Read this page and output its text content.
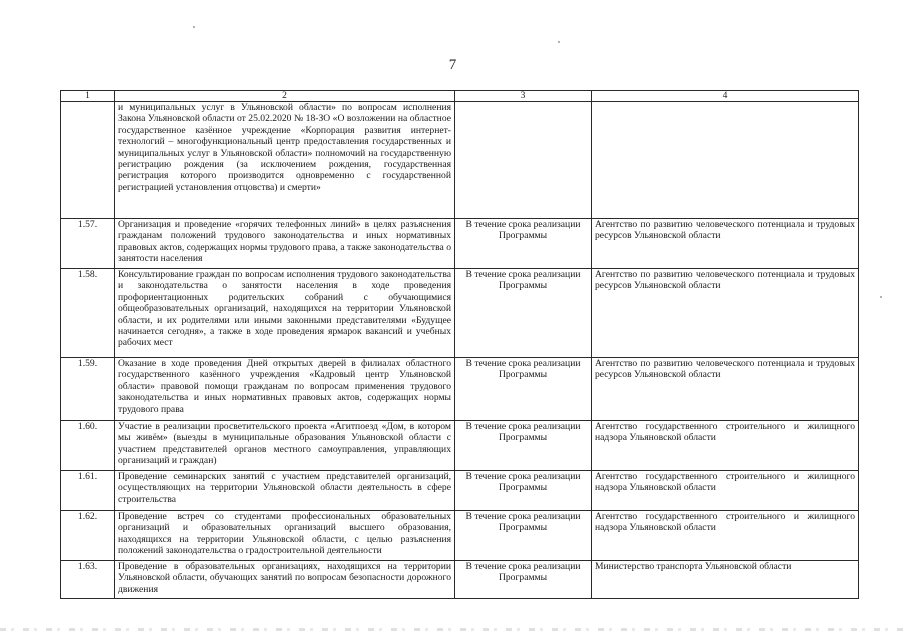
7
1	2	3	4
	и муниципальных услуг в Ульяновской области» по вопросам исполнения Закона Ульяновской области от 25.02.2020 № 18-ЗО «О возложении на областное государственное казённое учреждение «Корпорация развития интернет-технологий – многофункциональный центр предоставления государственных и муниципальных услуг в Ульяновской области» полномочий на государственную регистрацию рождения (за исключением рождения, государственная регистрация которого производится одновременно с государственной регистрацией установления отцовства) и смерти»		
1.57.	Организация и проведение «горячих телефонных линий» в целях разъяснения гражданам положений трудового законодательства и иных нормативных правовых актов, содержащих нормы трудового права, а также законодательства о занятости населения	В течение срока реализации Программы	Агентство по развитию человеческого потенциала и трудовых ресурсов Ульяновской области
1.58.	Консультирование граждан по вопросам исполнения трудового законодательства и законодательства о занятости населения в ходе проведения профориентационных родительских собраний с обучающимися общеобразовательных организаций, находящихся на территории Ульяновской области, и их родителями или иными законными представителями «Будущее начинается сегодня», а также в ходе проведения ярмарок вакансий и учебных рабочих мест	В течение срока реализации Программы	Агентство по развитию человеческого потенциала и трудовых ресурсов Ульяновской области
1.59.	Оказание в ходе проведения Дней открытых дверей в филиалах областного государственного казённого учреждения «Кадровый центр Ульяновской области» правовой помощи гражданам по вопросам применения трудового законодательства и иных нормативных правовых актов, содержащих нормы трудового права	В течение срока реализации Программы	Агентство по развитию человеческого потенциала и трудовых ресурсов Ульяновской области
1.60.	Участие в реализации просветительского проекта «Агитпоезд «Дом, в котором мы живём» (выезды в муниципальные образования Ульяновской области с участием представителей органов местного самоуправления, управляющих организаций и граждан)	В течение срока реализации Программы	Агентство государственного строительного и жилищного надзора Ульяновской области
1.61.	Проведение семинарских занятий с участием представителей организаций, осуществляющих на территории Ульяновской области деятельность в сфере строительства	В течение срока реализации Программы	Агентство государственного строительного и жилищного надзора Ульяновской области
1.62.	Проведение встреч со студентами профессиональных образовательных организаций и образовательных организаций высшего образования, находящихся на территории Ульяновской области, с целью разъяснения положений законодательства о градостроительной деятельности	В течение срока реализации Программы	Агентство государственного строительного и жилищного надзора Ульяновской области
1.63.	Проведение в образовательных организациях, находящихся на территории Ульяновской области, обучающих занятий по вопросам безопасности дорожного движения	В течение срока реализации Программы	Министерство транспорта Ульяновской области
